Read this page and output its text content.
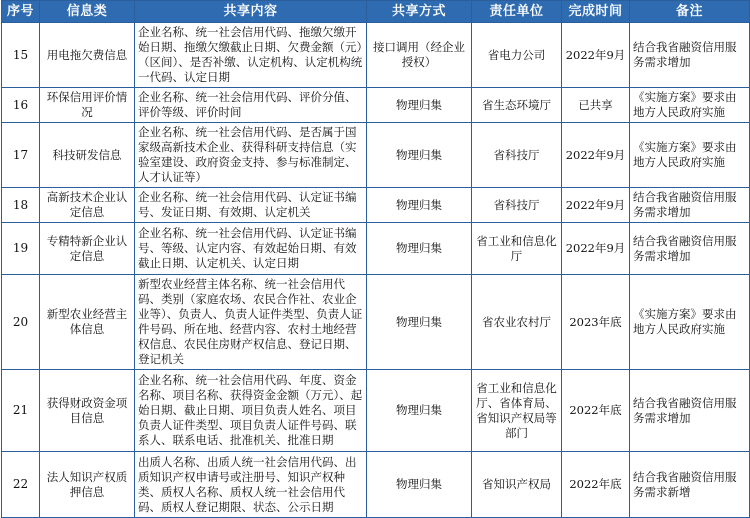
序号	信息类	共享内容	共享方式	责任单位	完成时间	备注
15	用电拖欠费信息	企业名称、统一社会信用代码、拖缴欠缴开始日期、拖缴欠缴截止日期、欠费金额（元）（区间）、是否补缴、认定机构、认定机构统一代码、认定日期	接口调用（经企业授权）	省电力公司	2022年9月	结合我省融资信用服务需求增加
16	环保信用评价情况	企业名称、统一社会信用代码、评价分值、评价等级、评价时间	物理归集	省生态环境厅	已共享	《实施方案》要求由地方人民政府实施
17	科技研发信息	企业名称、统一社会信用代码、是否属于国家级高新技术企业、获得科研支持信息（实验室建设、政府资金支持、参与标准制定、人才认证等）	物理归集	省科技厅	2022年9月	《实施方案》要求由地方人民政府实施
18	高新技术企业认定信息	企业名称、统一社会信用代码、认定证书编号、发证日期、有效期、认定机关	物理归集	省科技厅	2022年9月	结合我省融资信用服务需求增加
19	专精特新企业认定信息	企业名称、统一社会信用代码、认定证书编号、等级、认定内容、有效起始日期、有效截止日期、认定机关、认定日期	物理归集	省工业和信息化厅	2022年9月	结合我省融资信用服务需求增加
20	新型农业经营主体信息	新型农业经营主体名称、统一社会信用代码、类别（家庭农场、农民合作社、农业企业等）、负责人、负责人证件类型、负责人证件号码、所在地、经营内容、农村土地经营权信息、农民住房财产权信息、登记日期、登记机关	物理归集	省农业农村厅	2023年底	《实施方案》要求由地方人民政府实施
21	获得财政资金项目信息	企业名称、统一社会信用代码、年度、资金名称、项目名称、获得资金金额（万元）、起始日期、截止日期、项目负责人姓名、项目负责人证件类型、项目负责人证件号码、联系人、联系电话、批准机关、批准日期	物理归集	省工业和信息化厅、省体育局、省知识产权局等部门	2022年底	结合我省融资信用服务需求增加
22	法人知识产权质押信息	出质人名称、出质人统一社会信用代码、出质知识产权申请号或注册号、知识产权种类、质权人名称、质权人统一社会信用代码、质权人登记期限、状态、公示日期	物理归集	省知识产权局	2022年底	结合我省融资信用服务需求新增
